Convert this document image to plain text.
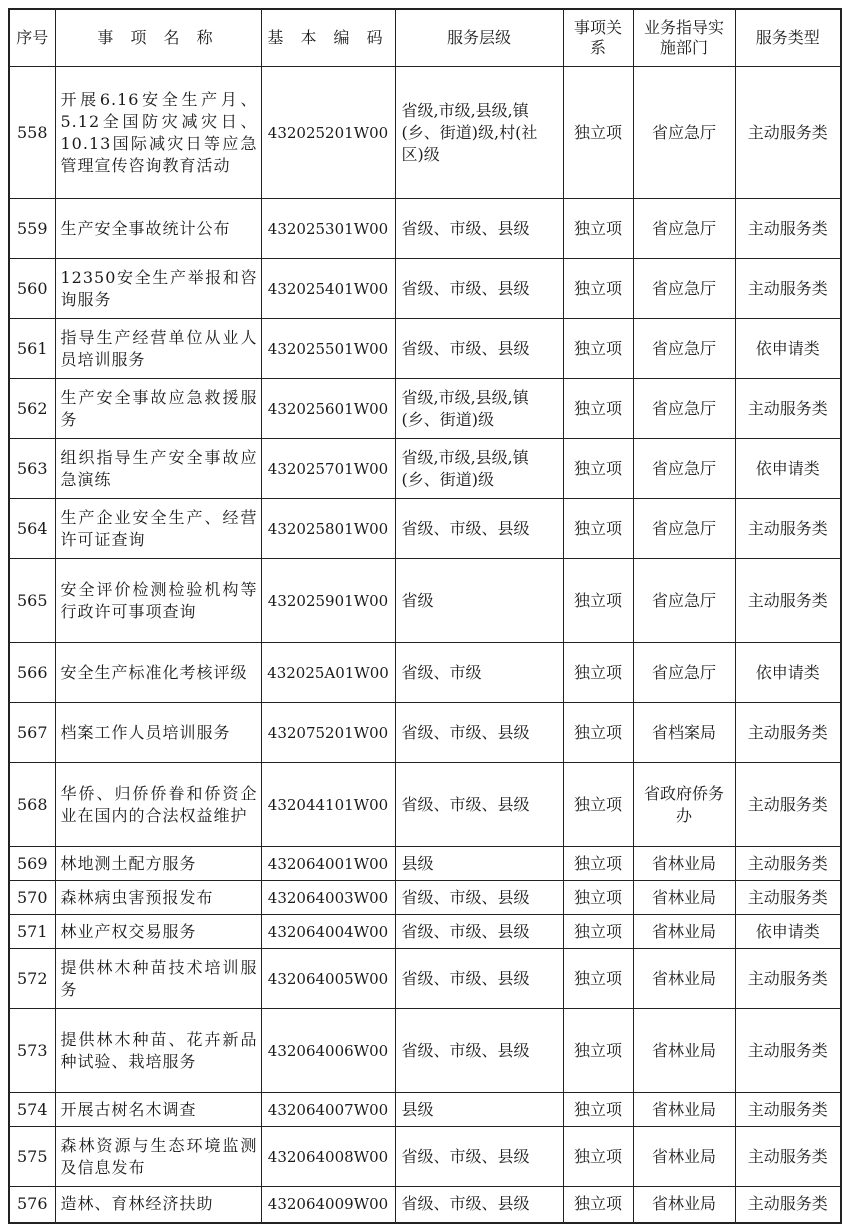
序号	事 项 名 称	基 本 编 码	服务层级	事项关系	业务指导实施部门	服务类型
558	开展6.16安全生产月、5.12全国防灾减灾日、10.13国际减灾日等应急管理宣传咨询教育活动	432025201W00	省级,市级,县级,镇(乡、街道)级,村(社区)级	独立项	省应急厅	主动服务类
559	生产安全事故统计公布	432025301W00	省级、市级、县级	独立项	省应急厅	主动服务类
560	12350安全生产举报和咨询服务	432025401W00	省级、市级、县级	独立项	省应急厅	主动服务类
561	指导生产经营单位从业人员培训服务	432025501W00	省级、市级、县级	独立项	省应急厅	依申请类
562	生产安全事故应急救援服务	432025601W00	省级,市级,县级,镇(乡、街道)级	独立项	省应急厅	主动服务类
563	组织指导生产安全事故应急演练	432025701W00	省级,市级,县级,镇(乡、街道)级	独立项	省应急厅	依申请类
564	生产企业安全生产、经营许可证查询	432025801W00	省级、市级、县级	独立项	省应急厅	主动服务类
565	安全评价检测检验机构等行政许可事项查询	432025901W00	省级	独立项	省应急厅	主动服务类
566	安全生产标准化考核评级	432025A01W00	省级、市级	独立项	省应急厅	依申请类
567	档案工作人员培训服务	432075201W00	省级、市级、县级	独立项	省档案局	主动服务类
568	华侨、归侨侨眷和侨资企业在国内的合法权益维护	432044101W00	省级、市级、县级	独立项	省政府侨务办	主动服务类
569	林地测土配方服务	432064001W00	县级	独立项	省林业局	主动服务类
570	森林病虫害预报发布	432064003W00	省级、市级、县级	独立项	省林业局	主动服务类
571	林业产权交易服务	432064004W00	省级、市级、县级	独立项	省林业局	依申请类
572	提供林木种苗技术培训服务	432064005W00	省级、市级、县级	独立项	省林业局	主动服务类
573	提供林木种苗、花卉新品种试验、栽培服务	432064006W00	省级、市级、县级	独立项	省林业局	主动服务类
574	开展古树名木调查	432064007W00	县级	独立项	省林业局	主动服务类
575	森林资源与生态环境监测及信息发布	432064008W00	省级、市级、县级	独立项	省林业局	主动服务类
576	造林、育林经济扶助	432064009W00	省级、市级、县级	独立项	省林业局	主动服务类
